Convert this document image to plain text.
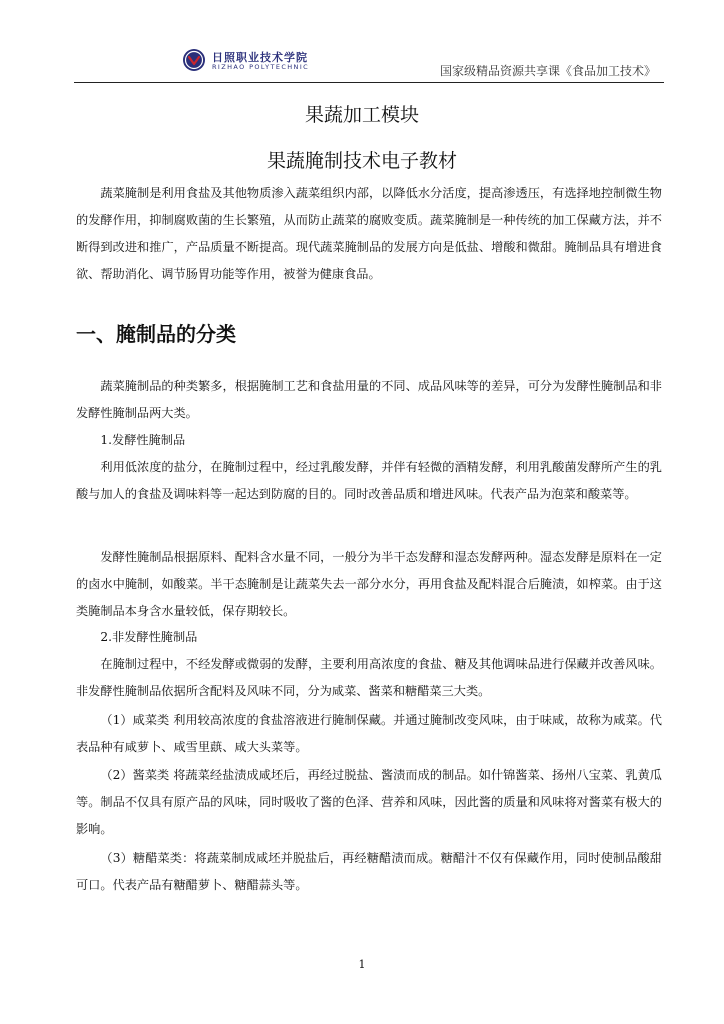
日照职业技术学院
RIZHAO POLYTECHNIC	国家级精品资源共享课《食品加工技术》
果蔬加工模块
果蔬腌制技术电子教材

蔬菜腌制是利用食盐及其他物质渗入蔬菜组织内部，以降低水分活度，提高渗透压，有选择地控制微生物的发酵作用，抑制腐败菌的生长繁殖，从而防止蔬菜的腐败变质。蔬菜腌制是一种传统的加工保藏方法，并不断得到改进和推广，产品质量不断提高。现代蔬菜腌制品的发展方向是低盐、增酸和微甜。腌制品具有增进食欲、帮助消化、调节肠胃功能等作用，被誉为健康食品。

一、腌制品的分类

蔬菜腌制品的种类繁多，根据腌制工艺和食盐用量的不同、成品风味等的差异，可分为发酵性腌制品和非发酵性腌制品两大类。

1.发酵性腌制品

利用低浓度的盐分，在腌制过程中，经过乳酸发酵，并伴有轻微的酒精发酵，利用乳酸菌发酵所产生的乳酸与加人的食盐及调味料等一起达到防腐的目的。同时改善品质和增进风味。代表产品为泡菜和酸菜等。

发酵性腌制品根据原料、配料含水量不同，一般分为半干态发酵和湿态发酵两种。湿态发酵是原料在一定的卤水中腌制，如酸菜。半干态腌制是让蔬菜失去一部分水分，再用食盐及配料混合后腌渍，如榨菜。由于这类腌制品本身含水量较低，保存期较长。

2.非发酵性腌制品

在腌制过程中，不经发酵或微弱的发酵，主要利用高浓度的食盐、糖及其他调味品进行保藏并改善风味。非发酵性腌制品依据所含配料及风味不同，分为咸菜、酱菜和糖醋菜三大类。

（1）咸菜类 利用较高浓度的食盐溶液进行腌制保藏。并通过腌制改变风味，由于味咸，故称为咸菜。代表品种有咸萝卜、咸雪里蕻、咸大头菜等。

（2）酱菜类 将蔬菜经盐渍成咸坯后，再经过脱盐、酱渍而成的制品。如什锦酱菜、扬州八宝菜、乳黄瓜等。制品不仅具有原产品的风味，同时吸收了酱的色泽、营养和风味，因此酱的质量和风味将对酱菜有极大的影响。

（3）糖醋菜类：将蔬菜制成咸坯并脱盐后，再经糖醋渍而成。糖醋汁不仅有保藏作用，同时使制品酸甜可口。代表产品有糖醋萝卜、糖醋蒜头等。

1
